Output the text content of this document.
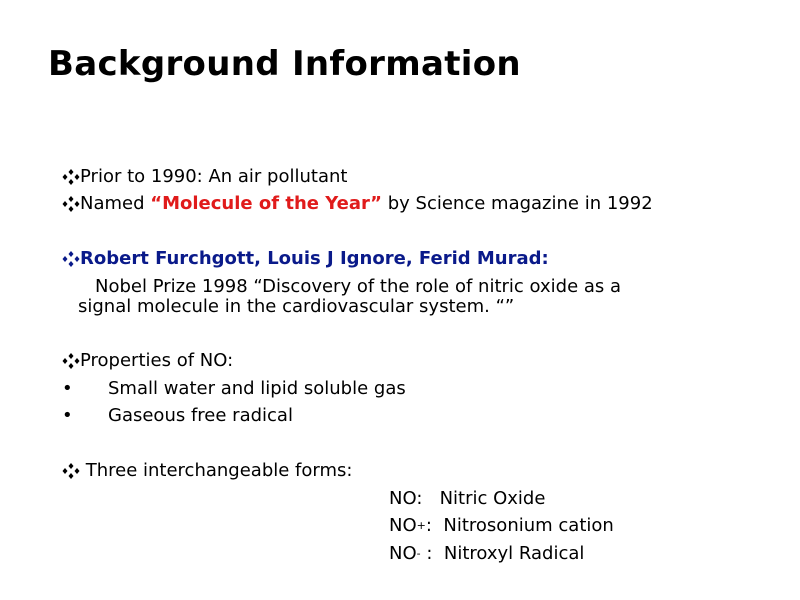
Background Information
Prior to 1990: An air pollutant
Named “Molecule of the Year” by Science magazine in 1992
Robert Furchgott, Louis J Ignore, Ferid Murad:
Nobel Prize 1998 “Discovery of the role of nitric oxide as a
signal molecule in the cardiovascular system. “”
Properties of NO:
• Small water and lipid soluble gas
• Gaseous free radical
Three interchangeable forms:
NO: Nitric Oxide
NO+: Nitrosonium cation
NO- : Nitroxyl Radical
